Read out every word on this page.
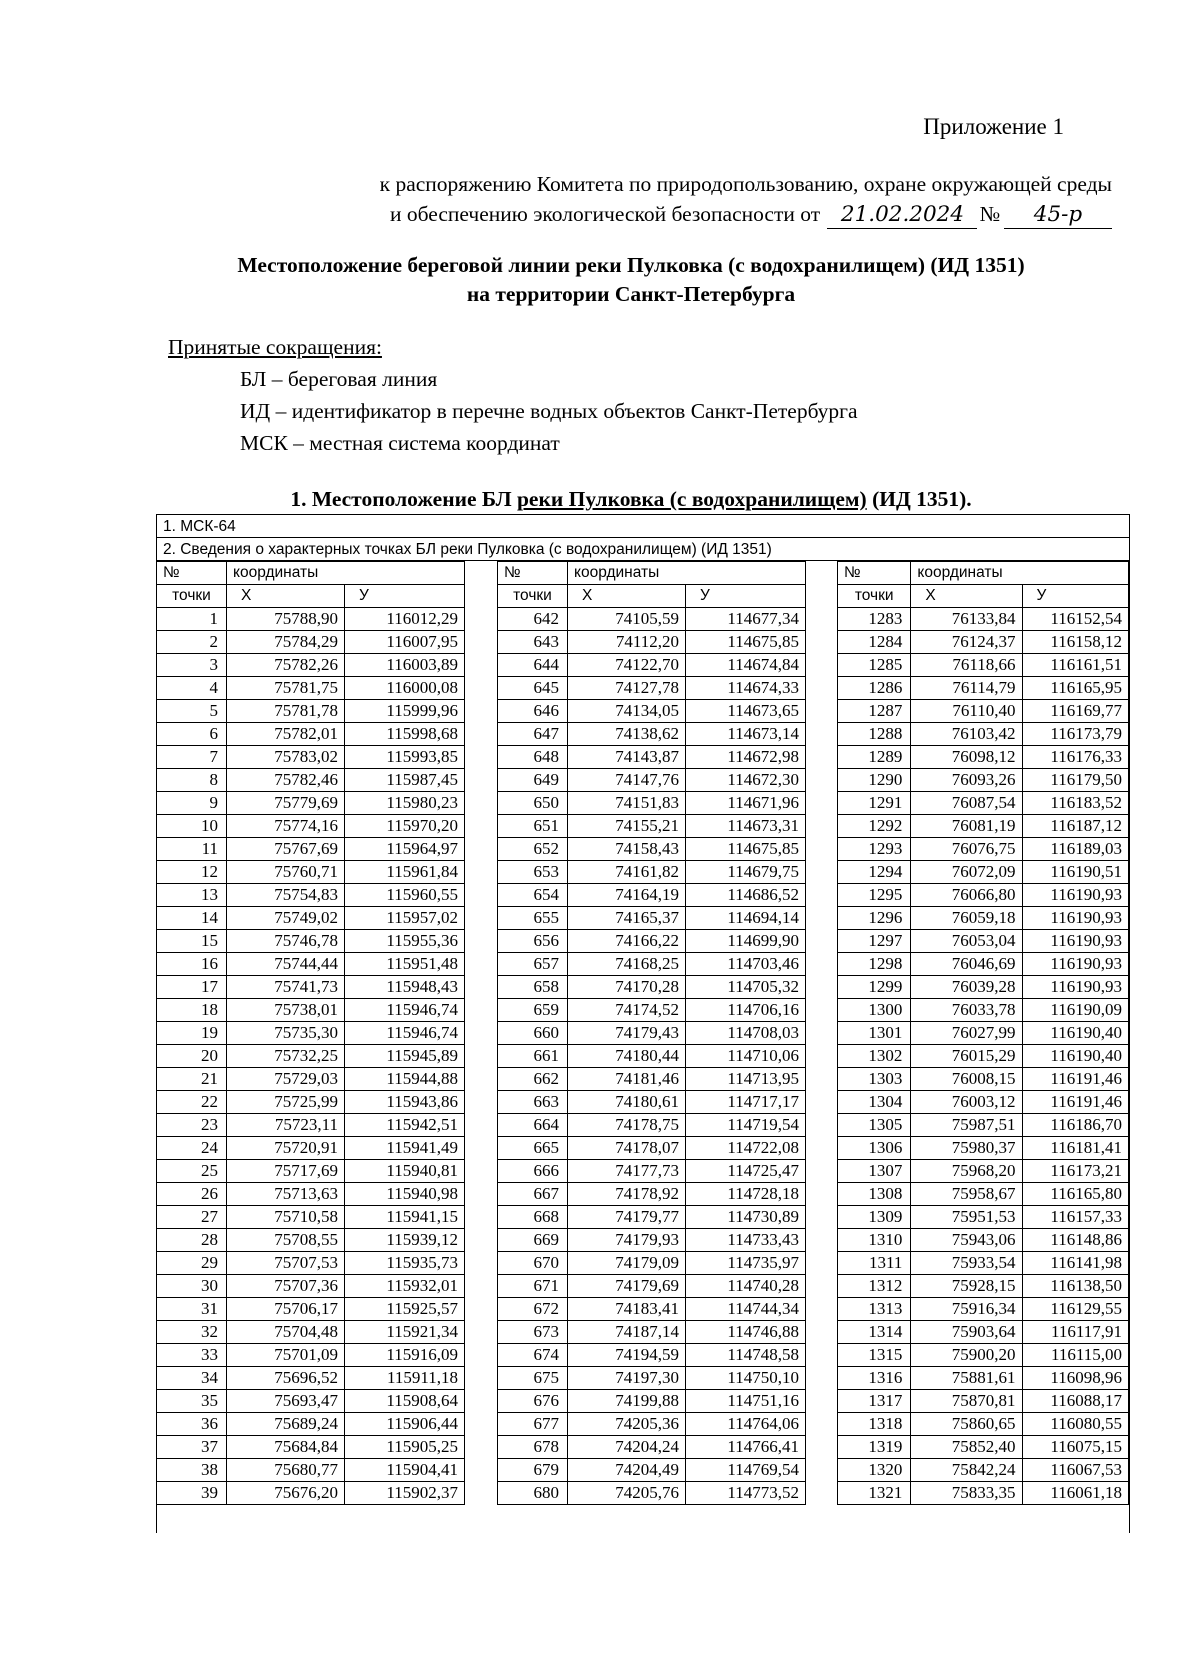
Приложение 1
к распоряжению Комитета по природопользованию, охране окружающей среды
и обеспечению экологической безопасности от 21.02.2024 № 45-р
Местоположение береговой линии реки Пулковка (с водохранилищем) (ИД 1351)
на территории Санкт-Петербурга
Принятые сокращения:
БЛ – береговая линия
ИД – идентификатор в перечне водных объектов Санкт-Петербурга
МСК – местная система координат
1. Местоположение БЛ реки Пулковка (с водохранилищем) (ИД 1351).
1. МСК-64
2. Сведения о характерных точках БЛ реки Пулковка (с водохранилищем) (ИД 1351)
№	координаты	
точки	X	У
1	75788,90	116012,29
2	75784,29	116007,95
3	75782,26	116003,89
4	75781,75	116000,08
5	75781,78	115999,96
6	75782,01	115998,68
7	75783,02	115993,85
8	75782,46	115987,45
9	75779,69	115980,23
10	75774,16	115970,20
11	75767,69	115964,97
12	75760,71	115961,84
13	75754,83	115960,55
14	75749,02	115957,02
15	75746,78	115955,36
16	75744,44	115951,48
17	75741,73	115948,43
18	75738,01	115946,74
19	75735,30	115946,74
20	75732,25	115945,89
21	75729,03	115944,88
22	75725,99	115943,86
23	75723,11	115942,51
24	75720,91	115941,49
25	75717,69	115940,81
26	75713,63	115940,98
27	75710,58	115941,15
28	75708,55	115939,12
29	75707,53	115935,73
30	75707,36	115932,01
31	75706,17	115925,57
32	75704,48	115921,34
33	75701,09	115916,09
34	75696,52	115911,18
35	75693,47	115908,64
36	75689,24	115906,44
37	75684,84	115905,25
38	75680,77	115904,41
39	75676,20	115902,37
№	координаты	
точки	X	У
642	74105,59	114677,34
643	74112,20	114675,85
644	74122,70	114674,84
645	74127,78	114674,33
646	74134,05	114673,65
647	74138,62	114673,14
648	74143,87	114672,98
649	74147,76	114672,30
650	74151,83	114671,96
651	74155,21	114673,31
652	74158,43	114675,85
653	74161,82	114679,75
654	74164,19	114686,52
655	74165,37	114694,14
656	74166,22	114699,90
657	74168,25	114703,46
658	74170,28	114705,32
659	74174,52	114706,16
660	74179,43	114708,03
661	74180,44	114710,06
662	74181,46	114713,95
663	74180,61	114717,17
664	74178,75	114719,54
665	74178,07	114722,08
666	74177,73	114725,47
667	74178,92	114728,18
668	74179,77	114730,89
669	74179,93	114733,43
670	74179,09	114735,97
671	74179,69	114740,28
672	74183,41	114744,34
673	74187,14	114746,88
674	74194,59	114748,58
675	74197,30	114750,10
676	74199,88	114751,16
677	74205,36	114764,06
678	74204,24	114766,41
679	74204,49	114769,54
680	74205,76	114773,52
№	координаты	
точки	X	У
1283	76133,84	116152,54
1284	76124,37	116158,12
1285	76118,66	116161,51
1286	76114,79	116165,95
1287	76110,40	116169,77
1288	76103,42	116173,79
1289	76098,12	116176,33
1290	76093,26	116179,50
1291	76087,54	116183,52
1292	76081,19	116187,12
1293	76076,75	116189,03
1294	76072,09	116190,51
1295	76066,80	116190,93
1296	76059,18	116190,93
1297	76053,04	116190,93
1298	76046,69	116190,93
1299	76039,28	116190,93
1300	76033,78	116190,09
1301	76027,99	116190,40
1302	76015,29	116190,40
1303	76008,15	116191,46
1304	76003,12	116191,46
1305	75987,51	116186,70
1306	75980,37	116181,41
1307	75968,20	116173,21
1308	75958,67	116165,80
1309	75951,53	116157,33
1310	75943,06	116148,86
1311	75933,54	116141,98
1312	75928,15	116138,50
1313	75916,34	116129,55
1314	75903,64	116117,91
1315	75900,20	116115,00
1316	75881,61	116098,96
1317	75870,81	116088,17
1318	75860,65	116080,55
1319	75852,40	116075,15
1320	75842,24	116067,53
1321	75833,35	116061,18
